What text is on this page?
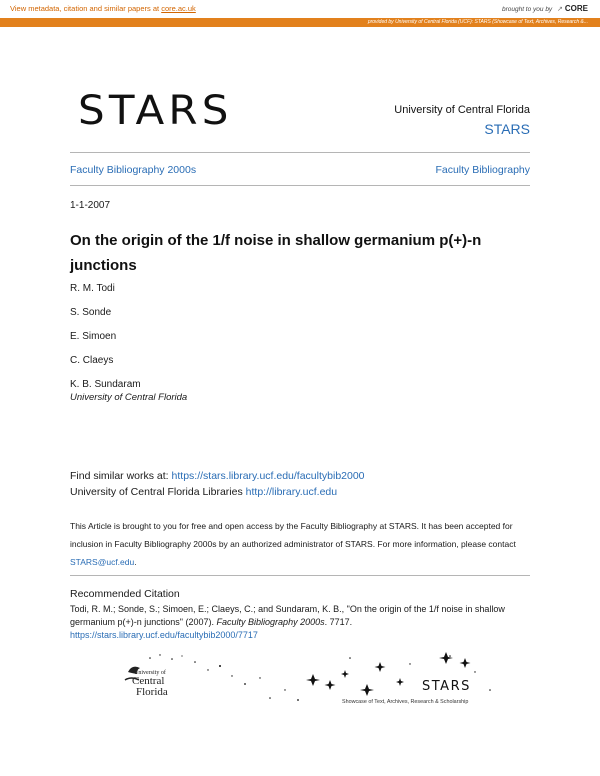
View metadata, citation and similar papers at core.ac.uk	brought to you by ↗ CORE
provided by University of Central Florida (UCF): STARS (Showcase of Text, Archives, Research &...
STARS	University of Central Florida
STARS
Faculty Bibliography 2000s	Faculty Bibliography
1-1-2007
On the origin of the 1/f noise in shallow germanium p(+)-n junctions
R. M. Todi
S. Sonde
E. Simoen
C. Claeys
K. B. Sundaram
University of Central Florida
Find similar works at: https://stars.library.ucf.edu/facultybib2000
University of Central Florida Libraries http://library.ucf.edu
This Article is brought to you for free and open access by the Faculty Bibliography at STARS. It has been accepted for inclusion in Faculty Bibliography 2000s by an authorized administrator of STARS. For more information, please contact STARS@ucf.edu.
Recommended Citation
Todi, R. M.; Sonde, S.; Simoen, E.; Claeys, C.; and Sundaram, K. B., "On the origin of the 1/f noise in shallow germanium p(+)-n junctions" (2007). Faculty Bibliography 2000s. 7717.
https://stars.library.ucf.edu/facultybib2000/7717
University of
Central
Florida	STARS
Showcase of Text, Archives, Research & Scholarship
